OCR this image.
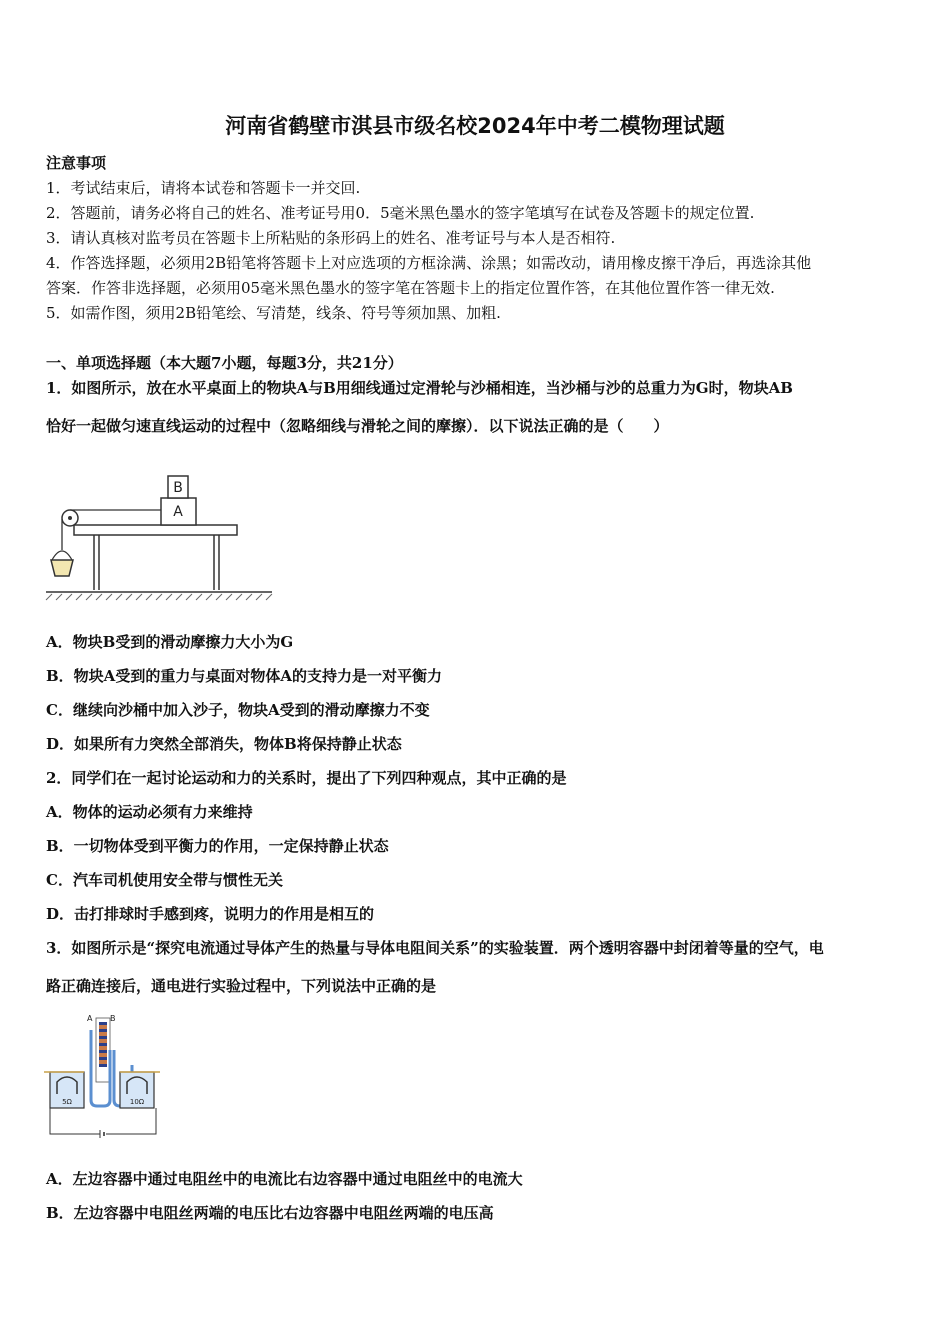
河南省鹤壁市淇县市级名校2024年中考二模物理试题
注意事项
1．考试结束后，请将本试卷和答题卡一并交回.
2．答题前，请务必将自己的姓名、准考证号用0．5毫米黑色墨水的签字笔填写在试卷及答题卡的规定位置.
3．请认真核对监考员在答题卡上所粘贴的条形码上的姓名、准考证号与本人是否相符.
4．作答选择题，必须用2B铅笔将答题卡上对应选项的方框涂满、涂黑；如需改动，请用橡皮擦干净后，再选涂其他
答案．作答非选择题，必须用05毫米黑色墨水的签字笔在答题卡上的指定位置作答，在其他位置作答一律无效.
5．如需作图，须用2B铅笔绘、写清楚，线条、符号等须加黑、加粗.
一、单项选择题（本大题7小题，每题3分，共21分）
1．如图所示，放在水平桌面上的物块A与B用细线通过定滑轮与沙桶相连，当沙桶与沙的总重力为G时，物块AB
恰好一起做匀速直线运动的过程中（忽略细线与滑轮之间的摩擦）．以下说法正确的是（　　）
B
A
A．物块B受到的滑动摩擦力大小为G
B．物块A受到的重力与桌面对物体A的支持力是一对平衡力
C．继续向沙桶中加入沙子，物块A受到的滑动摩擦力不变
D．如果所有力突然全部消失，物体B将保持静止状态
2．同学们在一起讨论运动和力的关系时，提出了下列四种观点，其中正确的是
A．物体的运动必须有力来维持
B．一切物体受到平衡力的作用，一定保持静止状态
C．汽车司机使用安全带与惯性无关
D．击打排球时手感到疼，说明力的作用是相互的
3．如图所示是“探究电流通过导体产生的热量与导体电阻间关系”的实验装置．两个透明容器中封闭着等量的空气，电
路正确连接后，通电进行实验过程中，下列说法中正确的是
A B
5Ω	10Ω
A．左边容器中通过电阻丝中的电流比右边容器中通过电阻丝中的电流大
B．左边容器中电阻丝两端的电压比右边容器中电阻丝两端的电压高
